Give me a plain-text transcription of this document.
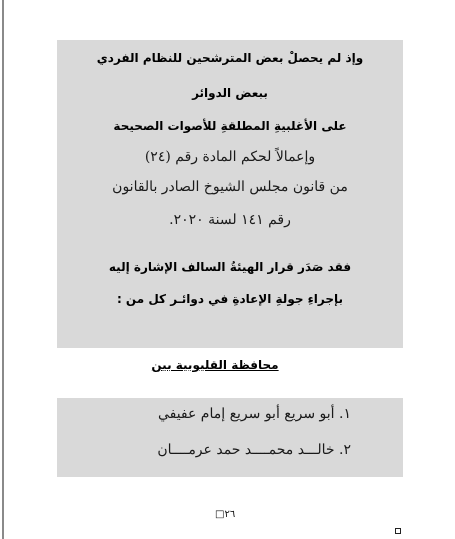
وإذ لم يحصلْ بعض المترشحين للنظام الفردي
ببعض الدوائر
على الأغلبيةِ المطلقةِ للأصوات الصحيحة
وإعمالاً لحكم المادة رقم (٢٤)
من قانون مجلس الشيوخ الصادر بالقانون
رقم ١٤١ لسنة ٢٠٢٠.
فقد صَدَر قرار الهيئةُ السالف الإشارة إليه
بإجراءِ جولةِ الإعادةِ في دوائـر كل من :
محافظة القليوبية بين
١. أبو سريع أبو سريع إمام عفيفي
٢. خالـــد محمــــد حمد عرمــــان
□٢٦
